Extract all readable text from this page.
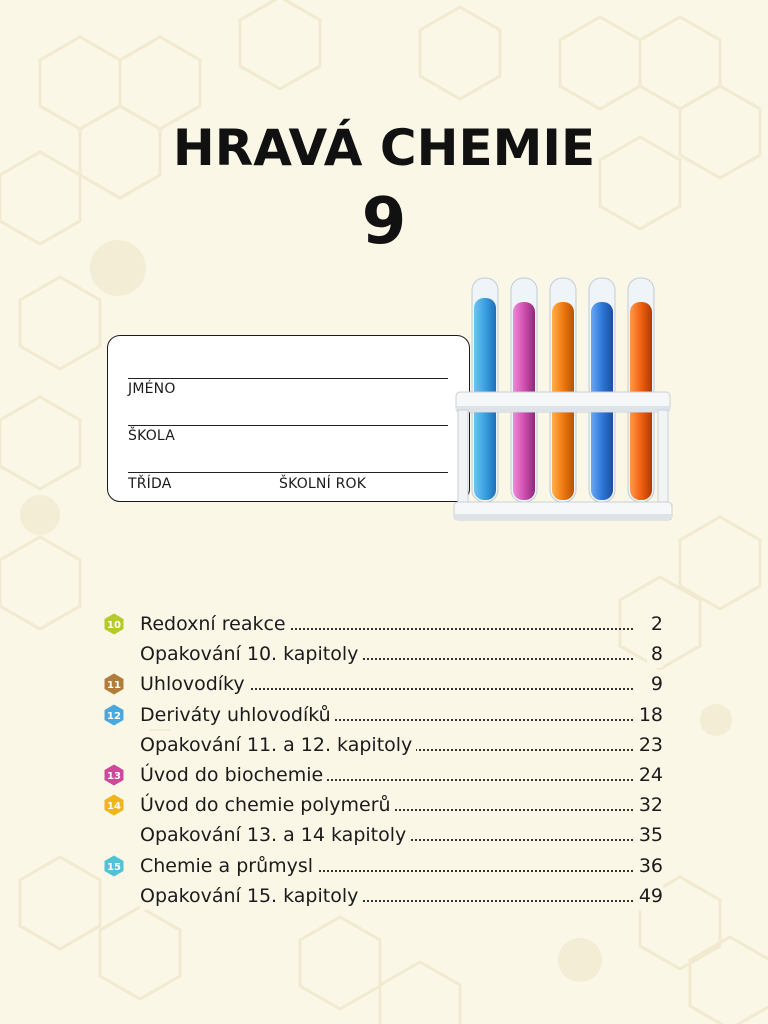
HRAVÁ CHEMIE
9
JMÉNO
ŠKOLA
TŘÍDA	ŠKOLNÍ ROK
10 Redoxní reakce	2
Opakování 10. kapitoly	8
11 Uhlovodíky	9
12 Deriváty uhlovodíků	18
Opakování 11. a 12. kapitoly	23
13 Úvod do biochemie	24
14 Úvod do chemie polymerů	32
Opakování 13. a 14 kapitoly	35
15 Chemie a průmysl	36
Opakování 15. kapitoly	49
